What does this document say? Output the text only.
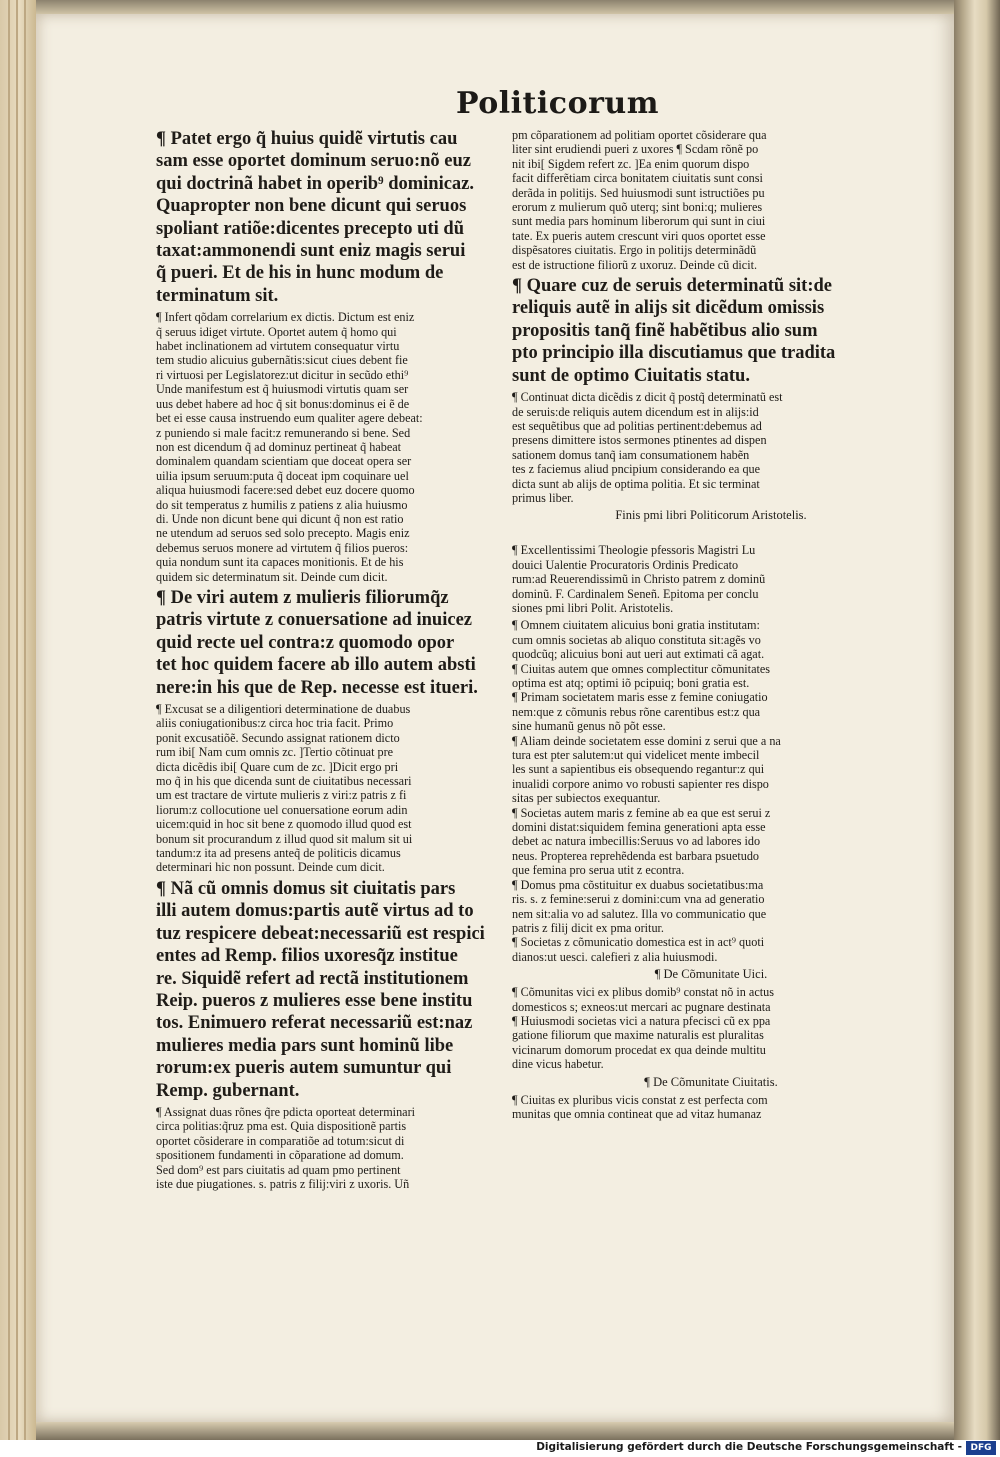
Politicorum
¶ Patet ergo q̃ huius quidẽ virtutis cau
sam esse oportet dominum seruo:nõ euz
qui doctrinã habet in operib⁹ dominicaz.
Quapropter non bene dicunt qui seruos
spoliant ratiõe:dicentes precepto uti dũ
taxat:ammonendi sunt eniz magis serui
q̃ pueri. Et de his in hunc modum de
terminatum sit.
¶ Infert qõdam correlarium ex dictis. Dictum est eniz
q̃ seruus idiget virtute. Oportet autem q̃ homo qui
habet inclinationem ad virtutem consequatur virtu
tem studio alicuius gubernãtis:sicut ciues debent fie
ri virtuosi per Legislatorez:ut dicitur in secũdo ethi⁹
Unde manifestum est q̃ huiusmodi virtutis quam ser
uus debet habere ad hoc q̃ sit bonus:dominus ei ẽ de
bet ei esse causa instruendo eum qualiter agere debeat:
z puniendo si male facit:z remunerando si bene. Sed
non est dicendum q̃ ad dominuz pertineat q̃ habeat
dominalem quandam scientiam que doceat opera ser
uilia ipsum seruum:puta q̃ doceat ipm coquinare uel
aliqua huiusmodi facere:sed debet euz docere quomo
do sit temperatus z humilis z patiens z alia huiusmo
di. Unde non dicunt bene qui dicunt q̃ non est ratio
ne utendum ad seruos sed solo precepto. Magis eniz
debemus seruos monere ad virtutem q̃ filios pueros:
quia nondum sunt ita capaces monitionis. Et de his
quidem sic determinatum sit. Deinde cum dicit.
¶ De viri autem z mulieris filiorumq̃z
patris virtute z conuersatione ad inuicez
quid recte uel contra:z quomodo opor
tet hoc quidem facere ab illo autem absti
nere:in his que de Rep. necesse est itueri.
¶ Excusat se a diligentiori determinatione de duabus
aliis coniugationibus:z circa hoc tria facit. Primo
ponit excusatiõẽ. Secundo assignat rationem dicto
rum ibi[ Nam cum omnis zc. ]Tertio cõtinuat pre
dicta dicẽdis ibi[ Quare cum de zc. ]Dicit ergo pri
mo q̃ in his que dicenda sunt de ciuitatibus necessari
um est tractare de virtute mulieris z viri:z patris z fi
liorum:z collocutione uel conuersatione eorum adin
uicem:quid in hoc sit bene z quomodo illud quod est
bonum sit procurandum z illud quod sit malum sit ui
tandum:z ita ad presens anteq̃ de politicis dicamus
determinari hic non possunt. Deinde cum dicit.
¶ Nã cũ omnis domus sit ciuitatis pars
illi autem domus:partis autẽ virtus ad to
tuz respicere debeat:necessariũ est respici
entes ad Remp. filios uxoresq̃z institue
re. Siquidẽ refert ad rectã institutionem
Reip. pueros z mulieres esse bene institu
tos. Enimuero referat necessariũ est:naz
mulieres media pars sunt hominũ libe
rorum:ex pueris autem sumuntur qui
Remp. gubernant.
¶ Assignat duas rõnes q̃re pdicta oporteat determinari
circa politias:q̃ruz pma est. Quia dispositionẽ partis
oportet cõsiderare in comparatiõe ad totum:sicut di
spositionem fundamenti in cõparatione ad domum.
Sed dom⁹ est pars ciuitatis ad quam pmo pertinent
iste due piugationes. s. patris z filij:viri z uxoris. Uñ
pm cõparationem ad politiam oportet cõsiderare qua
liter sint erudiendi pueri z uxores ¶ Scdam rõnẽ po
nit ibi[ Sigdem refert zc. ]Ea enim quorum dispo
facit differẽtiam circa bonitatem ciuitatis sunt consi
derãda in politijs. Sed huiusmodi sunt istructiões pu
erorum z mulierum quõ uterq; sint boni:q; mulieres
sunt media pars hominum liberorum qui sunt in ciui
tate. Ex pueris autem crescunt viri quos oportet esse
dispẽsatores ciuitatis. Ergo in politijs determinãdũ
est de istructione filiorũ z uxoruz. Deinde cũ dicit.
¶ Quare cuz de seruis determinatũ sit:de
reliquis autẽ in alijs sit dicẽdum omissis
propositis tanq̃ finẽ habẽtibus alio sum
pto principio illa discutiamus que tradita
sunt de optimo Ciuitatis statu.
¶ Continuat dicta dicẽdis z dicit q̃ postq̃ determinatũ est
de seruis:de reliquis autem dicendum est in alijs:id
est sequẽtibus que ad politias pertinent:debemus ad
presens dimittere istos sermones ptinentes ad dispen
sationem domus tanq̃ iam consumationem habẽn
tes z faciemus aliud pncipium considerando ea que
dicta sunt ab alijs de optima politia. Et sic terminat
primus liber.
Finis pmi libri Politicorum Aristotelis.
¶ Excellentissimi Theologie pfessoris Magistri Lu
douici Ualentie Procuratoris Ordinis Predicato
rum:ad Reuerendissimũ in Christo patrem z dominũ
dominũ. F. Cardinalem Seneñ. Epitoma per conclu
siones pmi libri Polit. Aristotelis.
¶ Omnem ciuitatem alicuius boni gratia institutam:
cum omnis societas ab aliquo constituta sit:agẽs vo
quodcũq; alicuius boni aut ueri aut extimati cã agat.
¶ Ciuitas autem que omnes complectitur cõmunitates
optima est atq; optimi iõ pcipuiq; boni gratia est.
¶ Primam societatem maris esse z femine coniugatio
nem:que z cõmunis rebus rõne carentibus est:z qua
sine humanũ genus nõ põt esse.
¶ Aliam deinde societatem esse domini z serui que a na
tura est pter salutem:ut qui videlicet mente imbecil
les sunt a sapientibus eis obsequendo regantur:z qui
inualidi corpore animo vo robusti sapienter res dispo
sitas per subiectos exequantur.
¶ Societas autem maris z femine ab ea que est serui z
domini distat:siquidem femina generationi apta esse
debet ac natura imbecillis:Seruus vo ad labores ido
neus. Propterea reprehẽdenda est barbara psuetudo
que femina pro serua utit z econtra.
¶ Domus pma cõstituitur ex duabus societatibus:ma
ris. s. z femine:serui z domini:cum vna ad generatio
nem sit:alia vo ad salutez. Illa vo communicatio que
patris z filij dicit ex pma oritur.
¶ Societas z cõmunicatio domestica est in act⁹ quoti
dianos:ut uesci. calefieri z alia huiusmodi.
¶ De Cõmunitate Uici.
¶ Cõmunitas vici ex plibus domib⁹ constat nõ in actus
domesticos s; exneos:ut mercari ac pugnare destinata
¶ Huiusmodi societas vici a natura pfecisci cũ ex ppa
gatione filiorum que maxime naturalis est pluralitas
vicinarum domorum procedat ex qua deinde multitu
dine vicus habetur.
¶ De Cõmunitate Ciuitatis.
¶ Ciuitas ex pluribus vicis constat z est perfecta com
munitas que omnia contineat que ad vitaz humanaz
Digitalisierung gefördert durch die Deutsche Forschungsgemeinschaft - DFG
